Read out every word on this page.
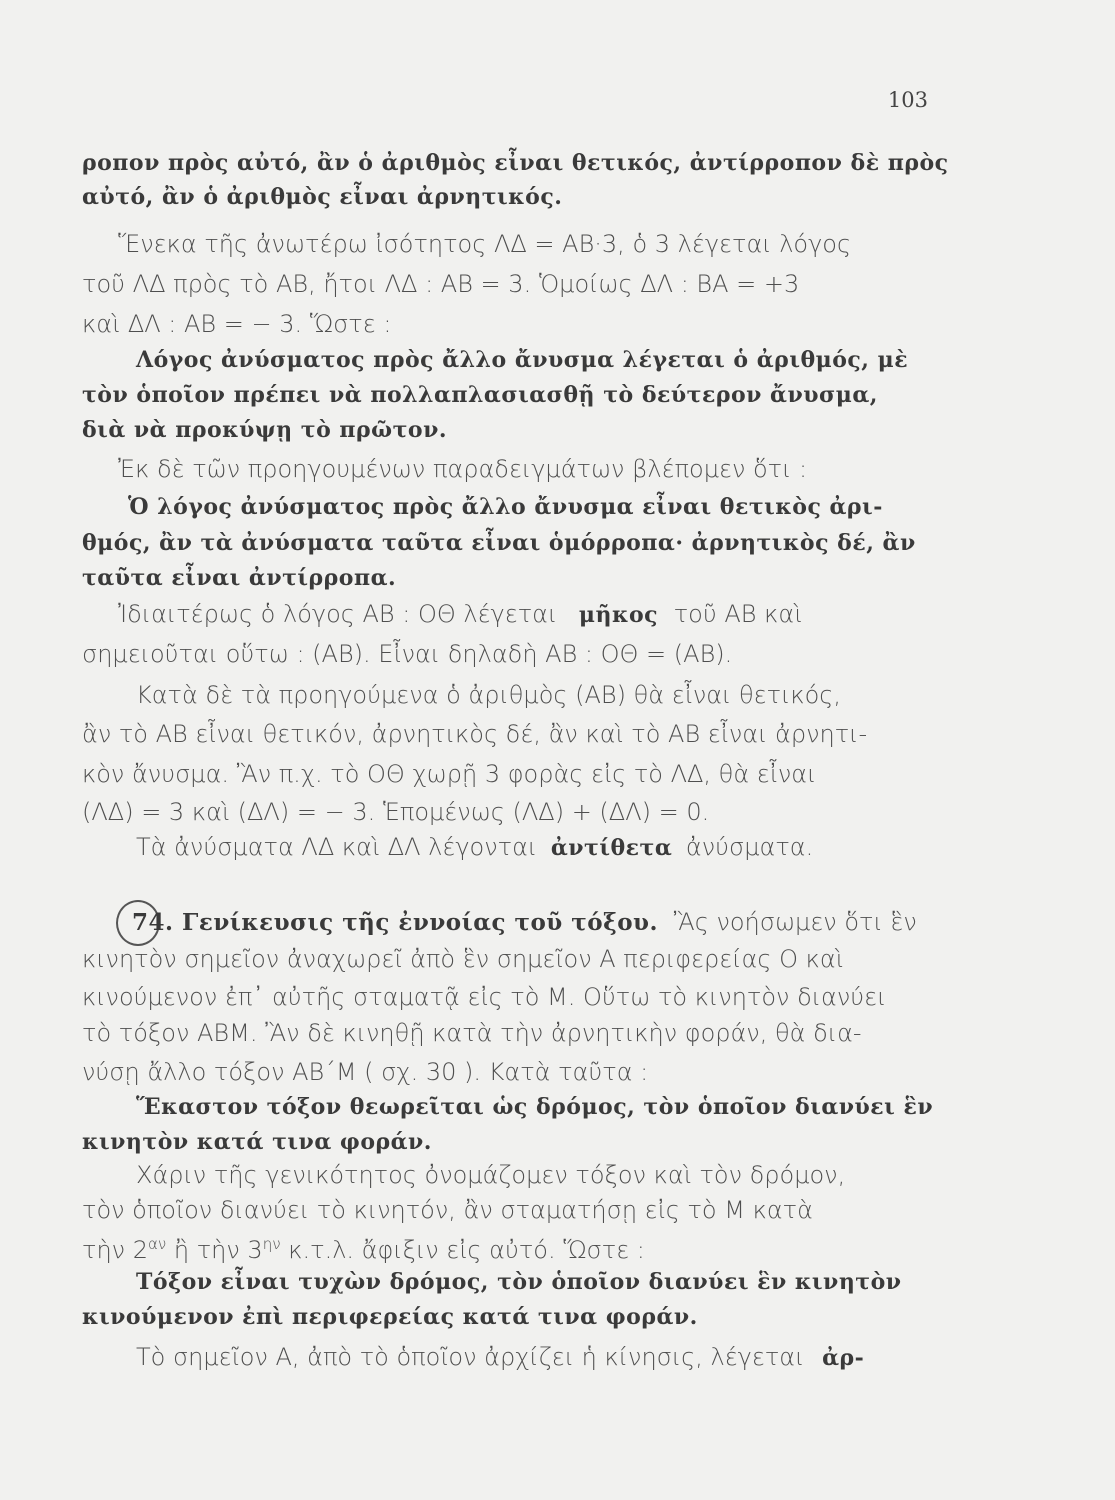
103
ροπον πρὸς αὐτό, ἂν ὁ ἀριθμὸς εἶναι θετικός, ἀντίρροπον δὲ πρὸς
αὐτό, ἂν ὁ ἀριθμὸς εἶναι ἀρνητικός.
Ἕνεκα τῆς ἀνωτέρω ἰσότητος ΛΔ = ΑΒ·3, ὁ 3 λέγεται λόγος
τοῦ ΛΔ πρὸς τὸ ΑΒ, ἤτοι ΛΔ : ΑΒ = 3. Ὁμοίως ΔΛ : ΒΑ = +3
καὶ ΔΛ : ΑΒ = − 3. Ὥστε :
Λόγος ἀνύσματος πρὸς ἄλλο ἄνυσμα λέγεται ὁ ἀριθμός, μὲ
τὸν ὁποῖον πρέπει νὰ πολλαπλασιασθῇ τὸ δεύτερον ἄνυσμα,
διὰ νὰ προκύψῃ τὸ πρῶτον.
Ἐκ δὲ τῶν προηγουμένων παραδειγμάτων βλέπομεν ὅτι :
Ὁ λόγος ἀνύσματος πρὸς ἄλλο ἄνυσμα εἶναι θετικὸς ἀρι-
θμός, ἂν τὰ ἀνύσματα ταῦτα εἶναι ὁμόρροπα· ἀρνητικὸς δέ, ἂν
ταῦτα εἶναι ἀντίρροπα.
Ἰδιαιτέρως ὁ λόγος ΑΒ : ΟΘ λέγεται μῆκος τοῦ ΑΒ καὶ
σημειοῦται οὕτω : (ΑΒ). Εἶναι δηλαδὴ ΑΒ : ΟΘ = (ΑΒ).
Κατὰ δὲ τὰ προηγούμενα ὁ ἀριθμὸς (ΑΒ) θὰ εἶναι θετικός,
ἂν τὸ ΑΒ εἶναι θετικόν, ἀρνητικὸς δέ, ἂν καὶ τὸ ΑΒ εἶναι ἀρνητι-
κὸν ἄνυσμα. Ἂν π.χ. τὸ ΟΘ χωρῇ 3 φορὰς εἰς τὸ ΛΔ, θὰ εἶναι
(ΛΔ) = 3 καὶ (ΔΛ) = − 3. Ἑπομένως (ΛΔ) + (ΔΛ) = 0.
Τὰ ἀνύσματα ΛΔ καὶ ΔΛ λέγονται ἀντίθετα ἀνύσματα.
74. Γενίκευσις τῆς ἐννοίας τοῦ τόξου. Ἂς νοήσωμεν ὅτι ἓν
κινητὸν σημεῖον ἀναχωρεῖ ἀπὸ ἓν σημεῖον Α περιφερείας Ο καὶ
κινούμενον ἐπ᾽ αὐτῆς σταματᾷ εἰς τὸ Μ. Οὕτω τὸ κινητὸν διανύει
τὸ τόξον ΑΒΜ. Ἂν δὲ κινηθῇ κατὰ τὴν ἀρνητικὴν φοράν, θὰ δια-
νύσῃ ἄλλο τόξον ΑΒ΄Μ ( σχ. 30 ). Κατὰ ταῦτα :
Ἕκαστον τόξον θεωρεῖται ὡς δρόμος, τὸν ὁποῖον διανύει ἓν
κινητὸν κατά τινα φοράν.
Χάριν τῆς γενικότητος ὀνομάζομεν τόξον καὶ τὸν δρόμον,
τὸν ὁποῖον διανύει τὸ κινητόν, ἂν σταματήσῃ εἰς τὸ Μ κατὰ
τὴν $2^{\alpha\nu}$ ἢ τὴν $3^{\eta\nu}$ κ.τ.λ. ἄφιξιν εἰς αὐτό. Ὥστε :
Τόξον εἶναι τυχὼν δρόμος, τὸν ὁποῖον διανύει ἓν κινητὸν
κινούμενον ἐπὶ περιφερείας κατά τινα φοράν.
Τὸ σημεῖον Α, ἀπὸ τὸ ὁποῖον ἀρχίζει ἡ κίνησις, λέγεται ἀρ-
